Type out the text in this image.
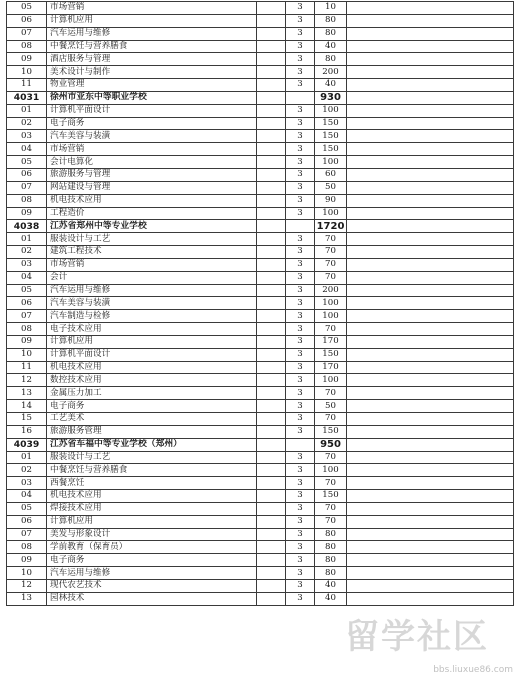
05	市场营销		3	10	
06	计算机应用		3	80	
07	汽车运用与维修		3	80	
08	中餐烹饪与营养膳食		3	40	
09	酒店服务与管理		3	80	
10	美术设计与制作		3	200	
11	物业管理		3	40	
4031	徐州市亚东中等职业学校			930	
01	计算机平面设计		3	100	
02	电子商务		3	150	
03	汽车美容与装潢		3	150	
04	市场营销		3	150	
05	会计电算化		3	100	
06	旅游服务与管理		3	60	
07	网站建设与管理		3	50	
08	机电技术应用		3	90	
09	工程造价		3	100	
4038	江苏省郑州中等专业学校			1720	
01	服装设计与工艺		3	70	
02	建筑工程技术		3	70	
03	市场营销		3	70	
04	会计		3	70	
05	汽车运用与维修		3	200	
06	汽车美容与装潢		3	100	
07	汽车制造与检修		3	100	
08	电子技术应用		3	70	
09	计算机应用		3	170	
10	计算机平面设计		3	150	
11	机电技术应用		3	170	
12	数控技术应用		3	100	
13	金属压力加工		3	70	
14	电子商务		3	50	
15	工艺美术		3	70	
16	旅游服务管理		3	150	
4039	江苏省车福中等专业学校（郑州）			950	
01	服装设计与工艺		3	70	
02	中餐烹饪与营养膳食		3	100	
03	西餐烹饪		3	70	
04	机电技术应用		3	150	
05	焊接技术应用		3	70	
06	计算机应用		3	70	
07	美发与形象设计		3	80	
08	学前教育（保育员）		3	80	
09	电子商务		3	80	
10	汽车运用与维修		3	80	
12	现代农艺技术		3	40	
13	园林技术		3	40	
留学社区
bbs.liuxue86.com
